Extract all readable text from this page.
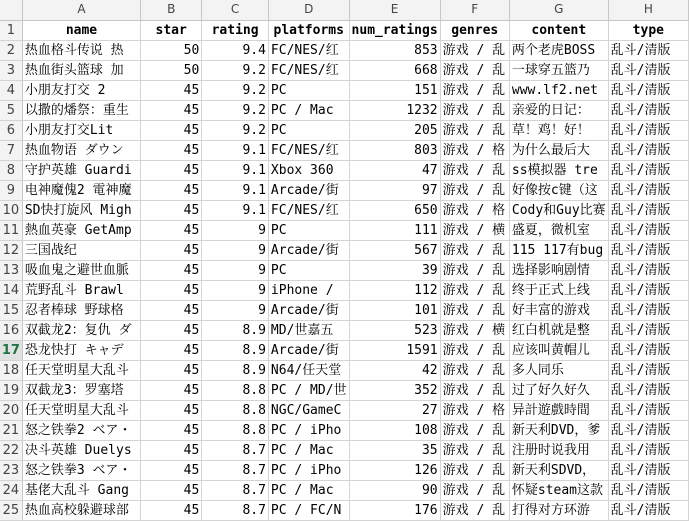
	A	B	C	D	E	F	G	H
1	name	star	rating	platforms	num_ratings	genres	content	type
2	热血格斗传说 热	50	9.4	FC/NES/红	853	游戏 / 乱	两个老虎BOSS	乱斗/清版
3	热血街头篮球 加	50	9.2	FC/NES/红	668	游戏 / 乱	一球穿五篮乃	乱斗/清版
4	小朋友打交 2	45	9.2	PC	151	游戏 / 乱	www.lf2.net	乱斗/清版
5	以撒的燔祭：重生	45	9.2	PC / Mac	1232	游戏 / 乱	亲爱的日记：	乱斗/清版
6	小朋友打交Lit	45	9.2	PC	205	游戏 / 乱	草！鸡！好！	乱斗/清版
7	热血物语 ダウン	45	9.1	FC/NES/红	803	游戏 / 格	为什么最后大	乱斗/清版
8	守护英雄 Guardi	45	9.1	Xbox 360	47	游戏 / 乱	ss模拟器 tre	乱斗/清版
9	电神魔傀2 電神魔	45	9.1	Arcade/街	97	游戏 / 乱	好像按c键（这	乱斗/清版
10	SD快打旋风 Migh	45	9.1	FC/NES/红	650	游戏 / 格	Cody和Guy比赛	乱斗/清版
11	熱血英豪 GetAmp	45	9	PC	111	游戏 / 横	盛夏，微机室	乱斗/清版
12	三国战纪	45	9	Arcade/街	567	游戏 / 乱	115 117有bug	乱斗/清版
13	吸血鬼之避世血脈	45	9	PC	39	游戏 / 乱	选择影响剧情	乱斗/清版
14	荒野乱斗 Brawl	45	9	iPhone /	112	游戏 / 乱	终于正式上线	乱斗/清版
15	忍者棒球 野球格	45	9	Arcade/街	101	游戏 / 乱	好丰富的游戏	乱斗/清版
16	双截龙2：复仇 ダ	45	8.9	MD/世嘉五	523	游戏 / 横	红白机就是整	乱斗/清版
17	恐龙快打 キャデ	45	8.9	Arcade/街	1591	游戏 / 乱	应该叫黄帽儿	乱斗/清版
18	任天堂明星大乱斗	45	8.9	N64/任天堂	42	游戏 / 乱	多人同乐	乱斗/清版
19	双截龙3：罗塞塔	45	8.8	PC / MD/世	352	游戏 / 乱	过了好久好久	乱斗/清版
20	任天堂明星大乱斗	45	8.8	NGC/GameC	27	游戏 / 格	异計遊戲時間	乱斗/清版
21	怒之铁拳2 ベア・	45	8.8	PC / iPho	108	游戏 / 乱	新天利DVD，爹	乱斗/清版
22	决斗英雄 Duelys	45	8.7	PC / Mac	35	游戏 / 乱	注册时说我用	乱斗/清版
23	怒之铁拳3 ベア・	45	8.7	PC / iPho	126	游戏 / 乱	新天利SDVD，	乱斗/清版
24	基佬大乱斗 Gang	45	8.7	PC / Mac	90	游戏 / 乱	怀疑steam这款	乱斗/清版
25	热血高校躲避球部	45	8.7	PC / FC/N	176	游戏 / 乱	打得对方环游	乱斗/清版
